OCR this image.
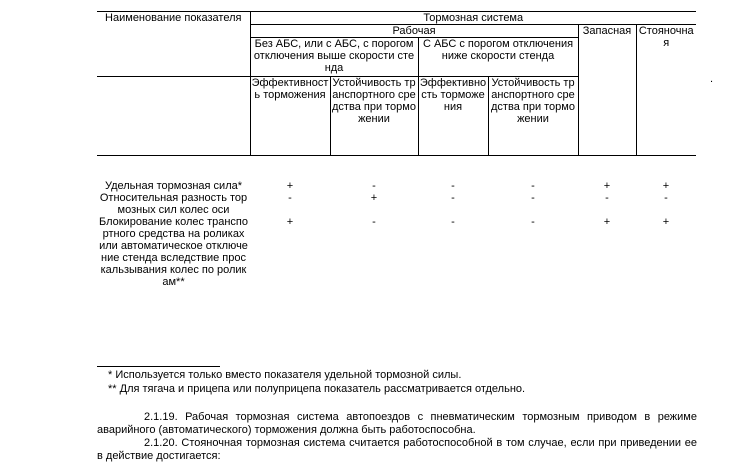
Наименование показателя	Тормозная система					
	Рабочая				Запасная	Стояночная
	Без АБС, или с АБС, с порогом отключения выше скорости стенда		С АБС с порогом отключения ниже скорости стенда			
	Эффективность торможения	Устойчивость транспортного средства при торможении	Эффективность торможения	Устойчивость транспортного средства при торможении		

Удельная тормозная сила*	+	-	-	-	+	+
Относительная разность тормозных сил колес оси	-	+	-	-	-	-
Блокирование колес транспортного средства на роликах или автоматическое отключение стенда вследствие проскальзывания колес по роликам**	+	-	-	-	+	+
.
* Используется только вместо показателя удельной тормозной силы.
** Для тягача и прицепа или полуприцепа показатель рассматривается отдельно.

2.1.19. Рабочая тормозная система автопоездов с пневматическим тормозным приводом в режиме аварийного (автоматического) торможения должна быть работоспособна.

2.1.20. Стояночная тормозная система считается работоспособной в том случае, если при приведении ее в действие достигается:
